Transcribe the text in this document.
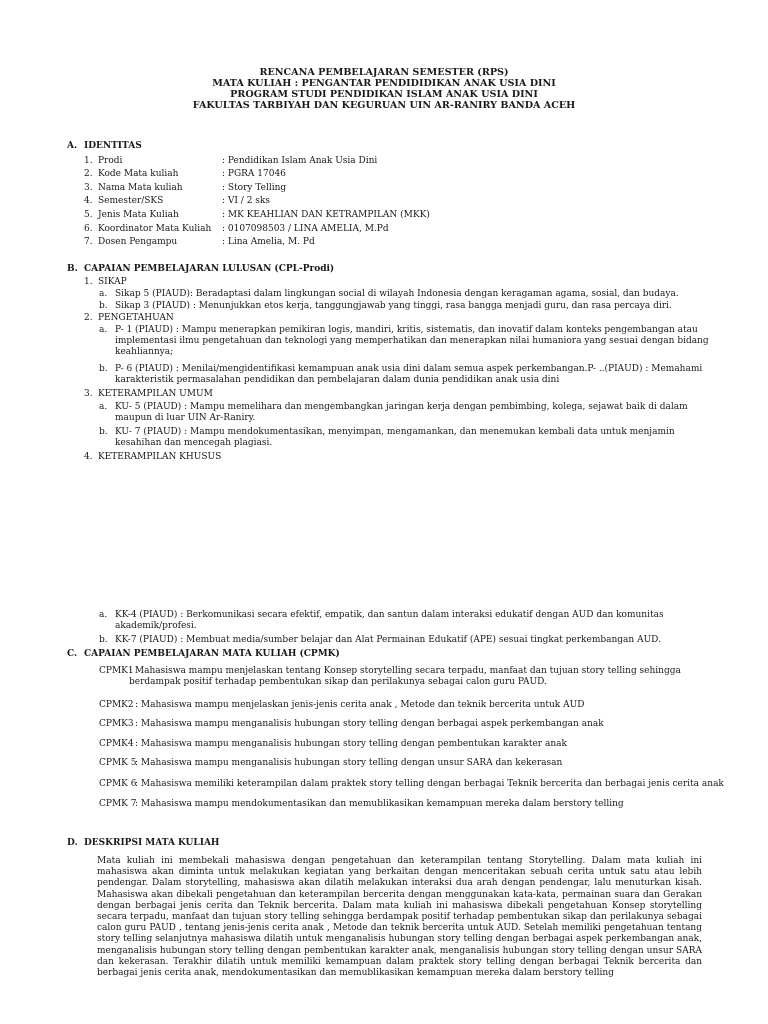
RENCANA PEMBELAJARAN SEMESTER (RPS)
MATA KULIAH : PENGANTAR PENDIDIDIKAN ANAK USIA DINI
PROGRAM STUDI PENDIDIKAN ISLAM ANAK USIA DINI
FAKULTAS TARBIYAH DAN KEGURUAN UIN AR-RANIRY BANDA ACEH
A. IDENTITAS
1. Prodi	: Pendidikan Islam Anak Usia Dini
2. Kode Mata kuliah	: PGRA 17046
3. Nama Mata kuliah	: Story Telling
4. Semester/SKS	: VI / 2 sks
5. Jenis Mata Kuliah	: MK KEAHLIAN DAN KETRAMPILAN (MKK)
6. Koordinator Mata Kuliah : 0107098503 / LINA AMELIA, M.Pd
7. Dosen Pengampu	: Lina Amelia, M. Pd
B. CAPAIAN PEMBELAJARAN LULUSAN (CPL-Prodi)
1. SIKAP
a. Sikap 5 (PIAUD): Beradaptasi dalam lingkungan social di wilayah Indonesia dengan keragaman agama, sosial, dan budaya.
b. Sikap 3 (PIAUD) : Menunjukkan etos kerja, tanggungjawab yang tinggi, rasa bangga menjadi guru, dan rasa percaya diri.
2. PENGETAHUAN
a. P- 1 (PIAUD) : Mampu menerapkan pemikiran logis, mandiri, kritis, sistematis, dan inovatif dalam konteks pengembangan atau implementasi ilmu pengetahuan dan teknologi yang memperhatikan dan menerapkan nilai humaniora yang sesuai dengan bidang keahliannya;
b. P- 6 (PIAUD) : Menilai/mengidentifikasi kemampuan anak usia dini dalam semua aspek perkembangan.P- ..(PIAUD) : Memahami karakteristik permasalahan pendidikan dan pembelajaran dalam dunia pendidikan anak usia dini
3. KETERAMPILAN UMUM
a. KU- 5 (PIAUD) : Mampu memelihara dan mengembangkan jaringan kerja dengan pembimbing, kolega, sejawat baik di dalam maupun di luar UIN Ar-Raniry.
b. KU- 7 (PIAUD) : Mampu mendokumentasikan, menyimpan, mengamankan, dan menemukan kembali data untuk menjamin kesahihan dan mencegah plagiasi.
4. KETERAMPILAN KHUSUS
a. KK-4 (PIAUD) : Berkomunikasi secara efektif, empatik, dan santun dalam interaksi edukatif dengan AUD dan komunitas akademik/profesi.
b. KK-7 (PIAUD) : Membuat media/sumber belajar dan Alat Permainan Edukatif (APE) sesuai tingkat perkembangan AUD.
C. CAPAIAN PEMBELAJARAN MATA KULIAH (CPMK)
CPMK1
: Mahasiswa mampu menjelaskan tentang Konsep storytelling secara terpadu, manfaat dan tujuan story telling sehingga berdampak positif terhadap pembentukan sikap dan perilakunya sebagai calon guru PAUD.
CPMK2 : Mahasiswa mampu menjelaskan jenis-jenis cerita anak , Metode dan teknik bercerita untuk AUD
CPMK3 : Mahasiswa mampu menganalisis hubungan story telling dengan berbagai aspek perkembangan anak
CPMK4 : Mahasiswa mampu menganalisis hubungan story telling dengan pembentukan karakter anak
CPMK 5
: Mahasiswa mampu menganalisis hubungan story telling dengan unsur SARA dan kekerasan
CPMK 6
: Mahasiswa memiliki keterampilan dalam praktek story telling dengan berbagai Teknik bercerita dan berbagai jenis cerita anak
CPMK 7
: Mahasiswa mampu mendokumentasikan dan memublikasikan kemampuan mereka dalam berstory telling
D. DESKRIPSI MATA KULIAH
Mata kuliah ini membekali mahasiswa dengan pengetahuan dan keterampilan tentang Storytelling. Dalam mata kuliah ini mahasiswa akan diminta untuk melakukan kegiatan yang berkaitan dengan menceritakan sebuah cerita untuk satu atau lebih pendengar. Dalam storytelling, mahasiswa akan dilatih melakukan interaksi dua arah dengan pendengar, lalu menuturkan kisah. Mahasiswa akan dibekali pengetahuan dan keterampilan bercerita dengan menggunakan kata-kata, permainan suara dan Gerakan dengan berbagai jenis cerita dan Teknik bercerita. Dalam mata kuliah ini mahasiswa dibekali pengetahuan Konsep storytelling secara terpadu, manfaat dan tujuan story telling sehingga berdampak positif terhadap pembentukan sikap dan perilakunya sebagai calon guru PAUD , tentang jenis-jenis cerita anak , Metode dan teknik bercerita untuk AUD. Setelah memiliki pengetahuan tentang story telling selanjutnya mahasiswa dilatih untuk menganalisis hubungan story telling dengan berbagai aspek perkembangan anak, menganalisis hubungan story telling dengan pembentukan karakter anak, menganalisis hubungan story telling dengan unsur SARA dan kekerasan. Terakhir dilatih untuk memiliki kemampuan dalam praktek story telling dengan berbagai Teknik bercerita dan berbagai jenis cerita anak, mendokumentasikan dan memublikasikan kemampuan mereka dalam berstory telling
